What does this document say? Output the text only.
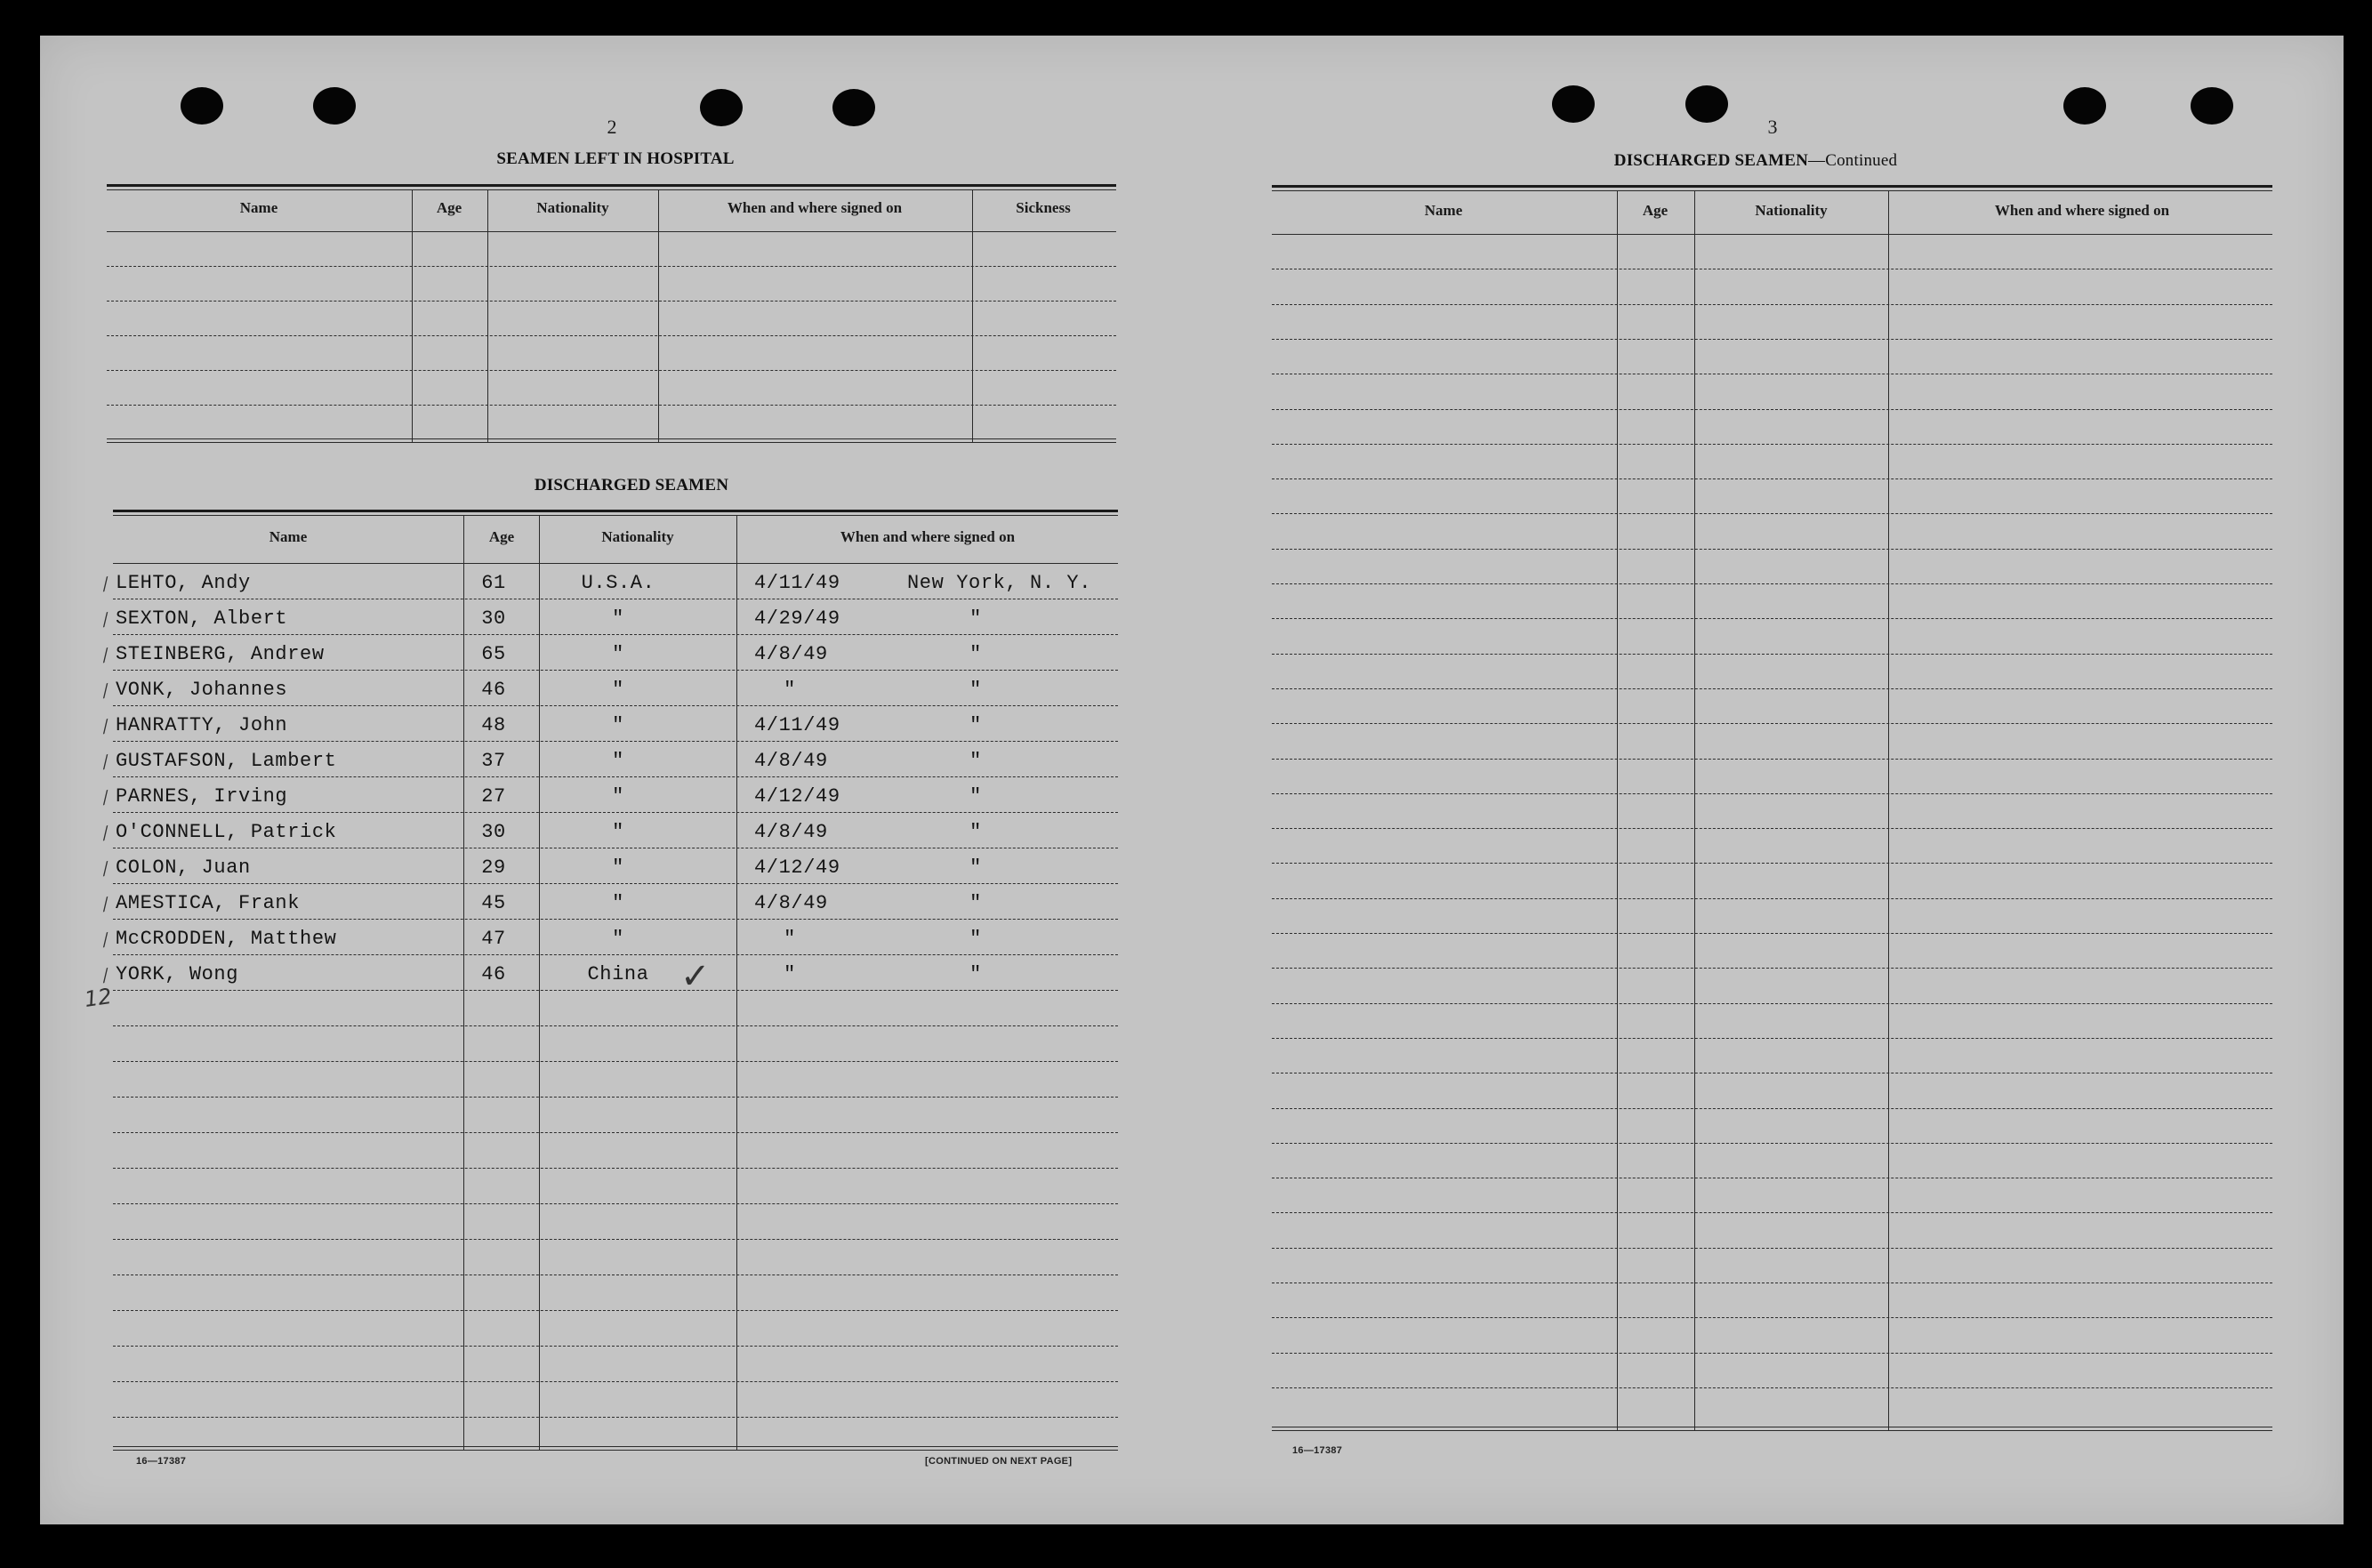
2
SEAMEN LEFT IN HOSPITAL
Name	Age	Nationality	When and where signed on	Sickness
DISCHARGED SEAMEN
Name	Age	Nationality	When and where signed on
⁄ LEHTO, Andy	61	U.S.A.	4/11/49	New York, N. Y.
⁄ SEXTON, Albert	30	"	4/29/49	"
⁄ STEINBERG, Andrew	65	"	4/8/49	"
⁄ VONK, Johannes	46	"	"	"
⁄ HANRATTY, John	48	"	4/11/49	"
⁄ GUSTAFSON, Lambert	37	"	4/8/49	"
⁄ PARNES, Irving	27	"	4/12/49	"
⁄ O'CONNELL, Patrick	30	"	4/8/49	"
⁄ COLON, Juan	29	"	4/12/49	"
⁄ AMESTICA, Frank	45	"	4/8/49	"
⁄ McCRODDEN, Matthew	47	"	"	"
⁄ YORK, Wong	46	China	"	"
12
✓
16—17387	[CONTINUED ON NEXT PAGE]
3
DISCHARGED SEAMEN—Continued
Name	Age	Nationality	When and where signed on
16—17387
